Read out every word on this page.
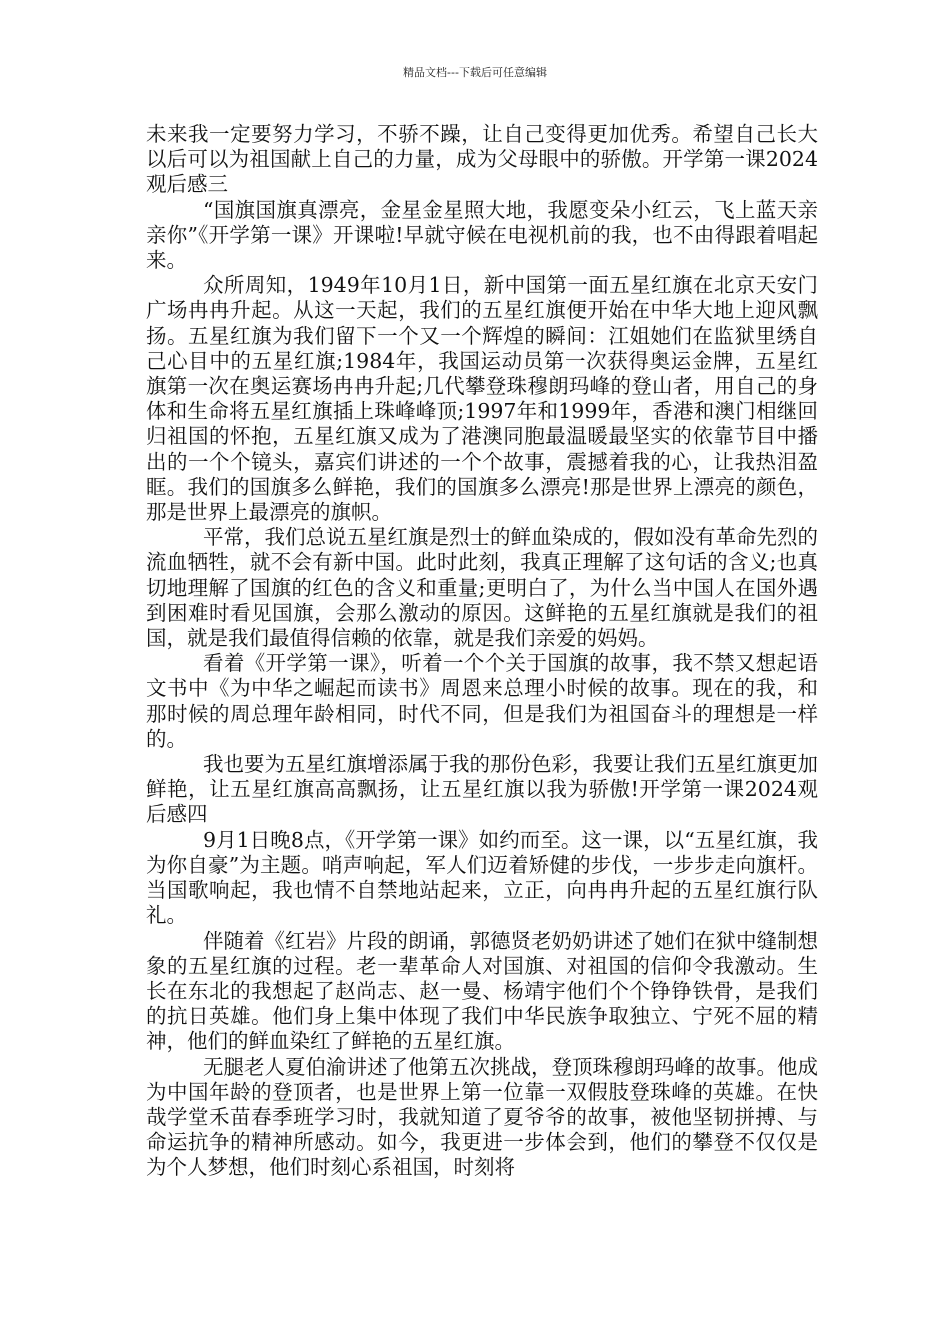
精品文档---下载后可任意编辑

未来我一定要努力学习，不骄不躁，让自己变得更加优秀。希望自己长大以后可以为祖国献上自己的力量，成为父母眼中的骄傲。开学第一课2024观后感三

“国旗国旗真漂亮，金星金星照大地，我愿变朵小红云，飞上蓝天亲亲你”《开学第一课》开课啦!早就守候在电视机前的我，也不由得跟着唱起来。

众所周知，1949年10月1日，新中国第一面五星红旗在北京天安门广场冉冉升起。从这一天起，我们的五星红旗便开始在中华大地上迎风飘扬。五星红旗为我们留下一个又一个辉煌的瞬间：江姐她们在监狱里绣自己心目中的五星红旗;1984年，我国运动员第一次获得奥运金牌，五星红旗第一次在奥运赛场冉冉升起;几代攀登珠穆朗玛峰的登山者，用自己的身体和生命将五星红旗插上珠峰峰顶;1997年和1999年，香港和澳门相继回归祖国的怀抱，五星红旗又成为了港澳同胞最温暖最坚实的依靠节目中播出的一个个镜头，嘉宾们讲述的一个个故事，震撼着我的心，让我热泪盈眶。我们的国旗多么鲜艳，我们的国旗多么漂亮!那是世界上漂亮的颜色，那是世界上最漂亮的旗帜。

平常，我们总说五星红旗是烈士的鲜血染成的，假如没有革命先烈的流血牺牲，就不会有新中国。此时此刻，我真正理解了这句话的含义;也真切地理解了国旗的红色的含义和重量;更明白了，为什么当中国人在国外遇到困难时看见国旗，会那么激动的原因。这鲜艳的五星红旗就是我们的祖国，就是我们最值得信赖的依靠，就是我们亲爱的妈妈。

看着《开学第一课》，听着一个个关于国旗的故事，我不禁又想起语文书中《为中华之崛起而读书》周恩来总理小时候的故事。现在的我，和那时候的周总理年龄相同，时代不同，但是我们为祖国奋斗的理想是一样的。

我也要为五星红旗增添属于我的那份色彩，我要让我们五星红旗更加鲜艳，让五星红旗高高飘扬，让五星红旗以我为骄傲!开学第一课2024观后感四

9月1日晚8点，《开学第一课》如约而至。这一课，以“五星红旗，我为你自豪”为主题。哨声响起，军人们迈着矫健的步伐，一步步走向旗杆。当国歌响起，我也情不自禁地站起来，立正，向冉冉升起的五星红旗行队礼。

伴随着《红岩》片段的朗诵，郭德贤老奶奶讲述了她们在狱中缝制想象的五星红旗的过程。老一辈革命人对国旗、对祖国的信仰令我激动。生长在东北的我想起了赵尚志、赵一曼、杨靖宇他们个个铮铮铁骨，是我们的抗日英雄。他们身上集中体现了我们中华民族争取独立、宁死不屈的精神，他们的鲜血染红了鲜艳的五星红旗。

无腿老人夏伯渝讲述了他第五次挑战，登顶珠穆朗玛峰的故事。他成为中国年龄的登顶者，也是世界上第一位靠一双假肢登珠峰的英雄。在快哉学堂禾苗春季班学习时，我就知道了夏爷爷的故事，被他坚韧拼搏、与命运抗争的精神所感动。如今，我更进一步体会到，他们的攀登不仅仅是为个人梦想，他们时刻心系祖国，时刻将
